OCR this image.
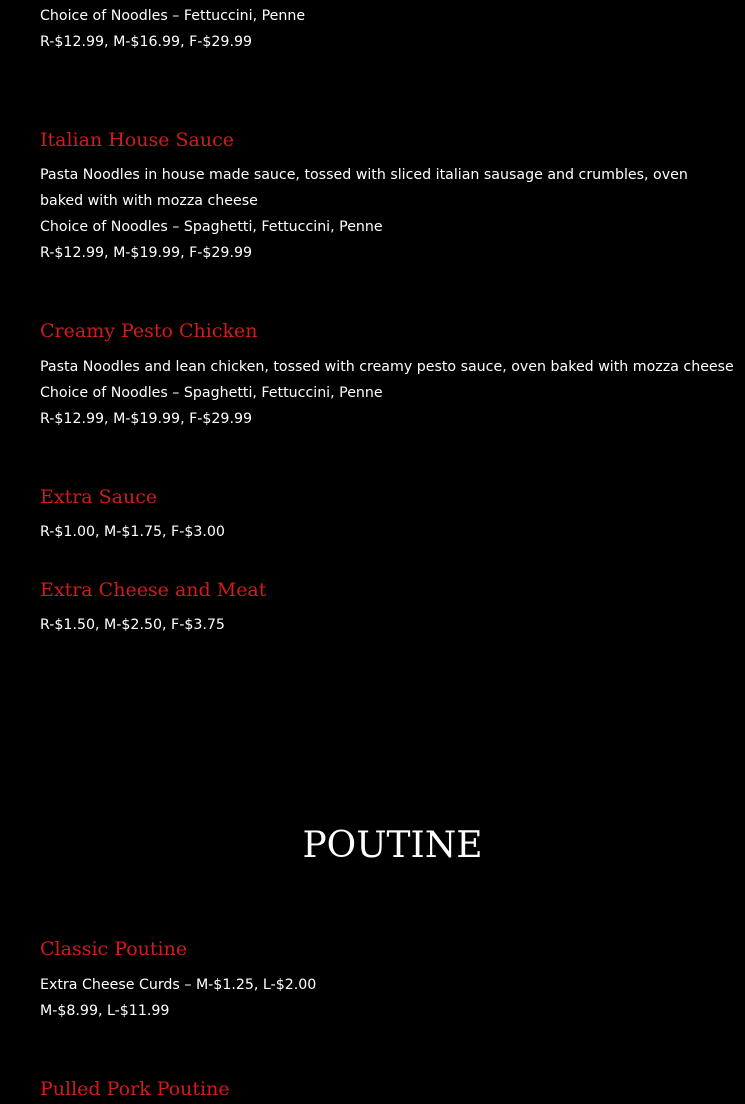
Choice of Noodles – Fettuccini, Penne
R-$12.99, M-$16.99, F-$29.99
Italian House Sauce
Pasta Noodles in house made sauce, tossed with sliced italian sausage and crumbles, oven baked with with mozza cheese
Choice of Noodles – Spaghetti, Fettuccini, Penne
R-$12.99, M-$19.99, F-$29.99
Creamy Pesto Chicken
Pasta Noodles and lean chicken, tossed with creamy pesto sauce, oven baked with mozza cheese
Choice of Noodles – Spaghetti, Fettuccini, Penne
R-$12.99, M-$19.99, F-$29.99
Extra Sauce
R-$1.00, M-$1.75, F-$3.00
Extra Cheese and Meat
R-$1.50, M-$2.50, F-$3.75
POUTINE
Classic Poutine
Extra Cheese Curds – M-$1.25, L-$2.00
M-$8.99, L-$11.99
Pulled Pork Poutine
